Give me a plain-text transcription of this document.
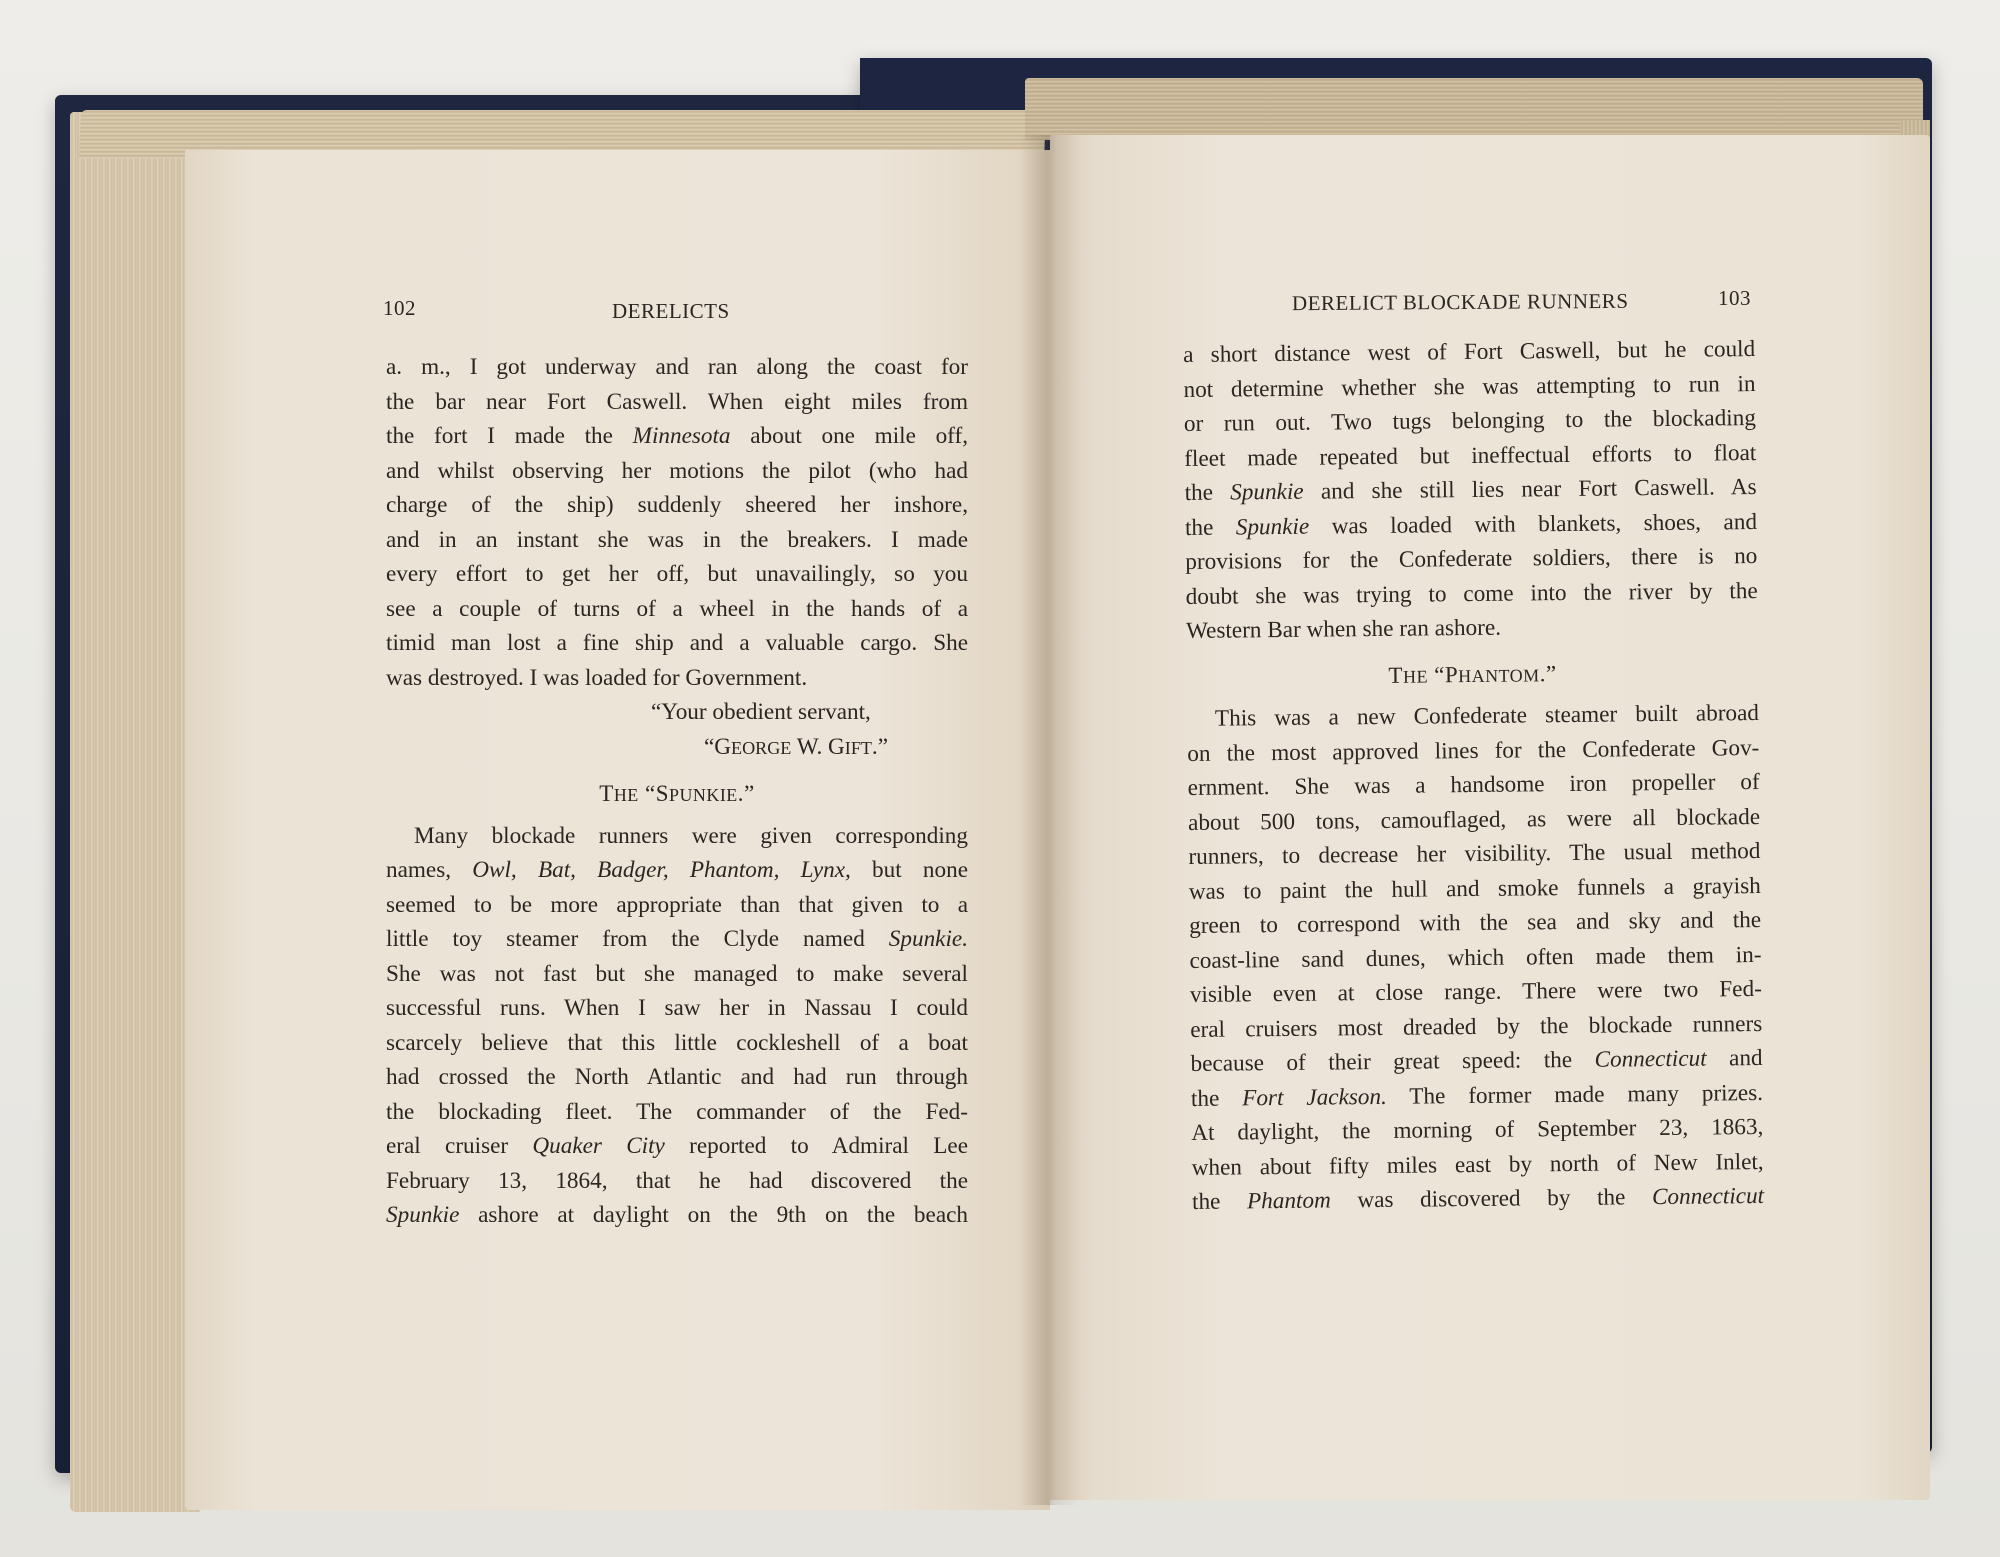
102	DERELICTS	DERELICT BLOCKADE RUNNERS	103
a. m., I got underway and ran along the coast for
the bar near Fort Caswell. When eight miles from
the fort I made the Minnesota about one mile off,
and whilst observing her motions the pilot (who had
charge of the ship) suddenly sheered her inshore,
and in an instant she was in the breakers. I made
every effort to get her off, but unavailingly, so you
see a couple of turns of a wheel in the hands of a
timid man lost a fine ship and a valuable cargo. She
was destroyed. I was loaded for Government.
“Your obedient servant,
“GEORGE W. GIFT.”
THE “SPUNKIE.”
Many blockade runners were given corresponding
names, Owl, Bat, Badger, Phantom, Lynx, but none
seemed to be more appropriate than that given to a
little toy steamer from the Clyde named Spunkie.
She was not fast but she managed to make several
successful runs. When I saw her in Nassau I could
scarcely believe that this little cockleshell of a boat
had crossed the North Atlantic and had run through
the blockading fleet. The commander of the Fed-
eral cruiser Quaker City reported to Admiral Lee
February 13, 1864, that he had discovered the
Spunkie ashore at daylight on the 9th on the beach
a short distance west of Fort Caswell, but he could
not determine whether she was attempting to run in
or run out. Two tugs belonging to the blockading
fleet made repeated but ineffectual efforts to float
the Spunkie and she still lies near Fort Caswell. As
the Spunkie was loaded with blankets, shoes, and
provisions for the Confederate soldiers, there is no
doubt she was trying to come into the river by the
Western Bar when she ran ashore.
THE “PHANTOM.”
This was a new Confederate steamer built abroad
on the most approved lines for the Confederate Gov-
ernment. She was a handsome iron propeller of
about 500 tons, camouflaged, as were all blockade
runners, to decrease her visibility. The usual method
was to paint the hull and smoke funnels a grayish
green to correspond with the sea and sky and the
coast-line sand dunes, which often made them in-
visible even at close range. There were two Fed-
eral cruisers most dreaded by the blockade runners
because of their great speed: the Connecticut and
the Fort Jackson. The former made many prizes.
At daylight, the morning of September 23, 1863,
when about fifty miles east by north of New Inlet,
the Phantom was discovered by the Connecticut
